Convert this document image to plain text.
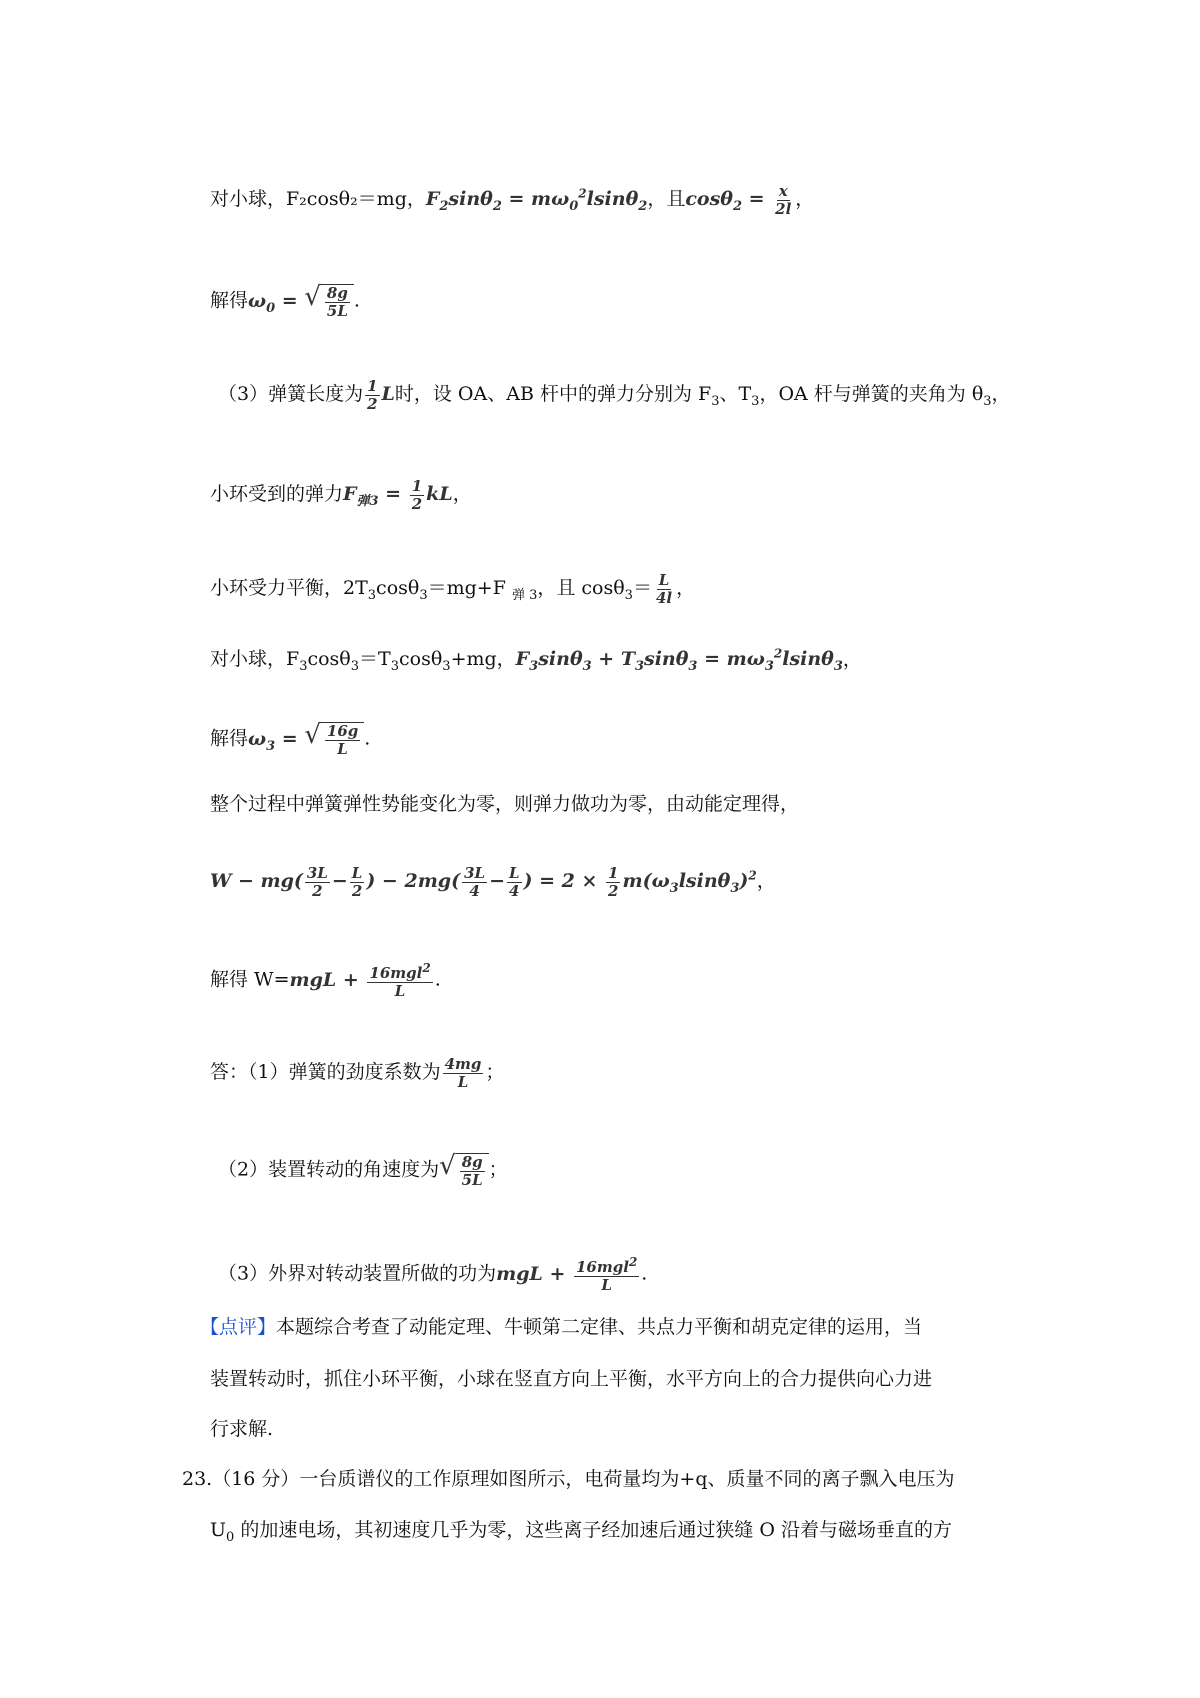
对小球，F₂cosθ₂＝mg，$F_2\sin\theta_2 = m\omega_0^2lsin\theta_2$，且$\cos\theta_2 = \frac{x}{2l}$ ，
解得$\omega_0$ = √ $\frac{8g}{5L}$ .
（3）弹簧长度为 $\frac{1}{2}$ L时，设 OA、AB 杆中的弹力分别为 $F_3$、$T_3$，OA 杆与弹簧的夹角为 $\theta_3$，
小环受到的弹力$F_{弹3} = \frac{1}{2}$ kL，
小环受力平衡，$2T_3\cos\theta_3=mg+F$ $_{弹 3}$，且 $\cos\theta_3= \frac{L}{4l}$ ，
对小球，$F_3\cos\theta_3=T_3\cos\theta_3+mg$，$F_3\sin\theta_3 + T_3\sin\theta_3 = m\omega_3^2lsin\theta_3$，
解得$\omega_3$ = √ $\frac{16g}{L}$ .
整个过程中弹簧弹性势能变化为零，则弹力做功为零，由动能定理得，
$W - mg( \frac{3L}{2} - \frac{L}{2}$ ) − $2mg( \frac{3L}{4} - \frac{L}{4}$ ) = $2 \times \frac{1}{2} m(\omega_3lsin\theta_3)^2$，
解得 $W=mgL + \frac{16mgl^2}{L}$ .
答：（1）弹簧的劲度系数为 $\frac{4mg}{L}$ ；
（2）装置转动的角速度为 √ $\frac{8g}{5L}$ ；
（3）外界对转动装置所做的功为mgL + $\frac{16mgl^2}{L}$ .
【点评】本题综合考查了动能定理、牛顿第二定律、共点力平衡和胡克定律的运用，当
装置转动时，抓住小环平衡，小球在竖直方向上平衡，水平方向上的合力提供向心力进
行求解.
23.（16 分）一台质谱仪的工作原理如图所示，电荷量均为+q、质量不同的离子飘入电压为
$U_0$ 的加速电场，其初速度几乎为零，这些离子经加速后通过狭缝 O 沿着与磁场垂直的方
